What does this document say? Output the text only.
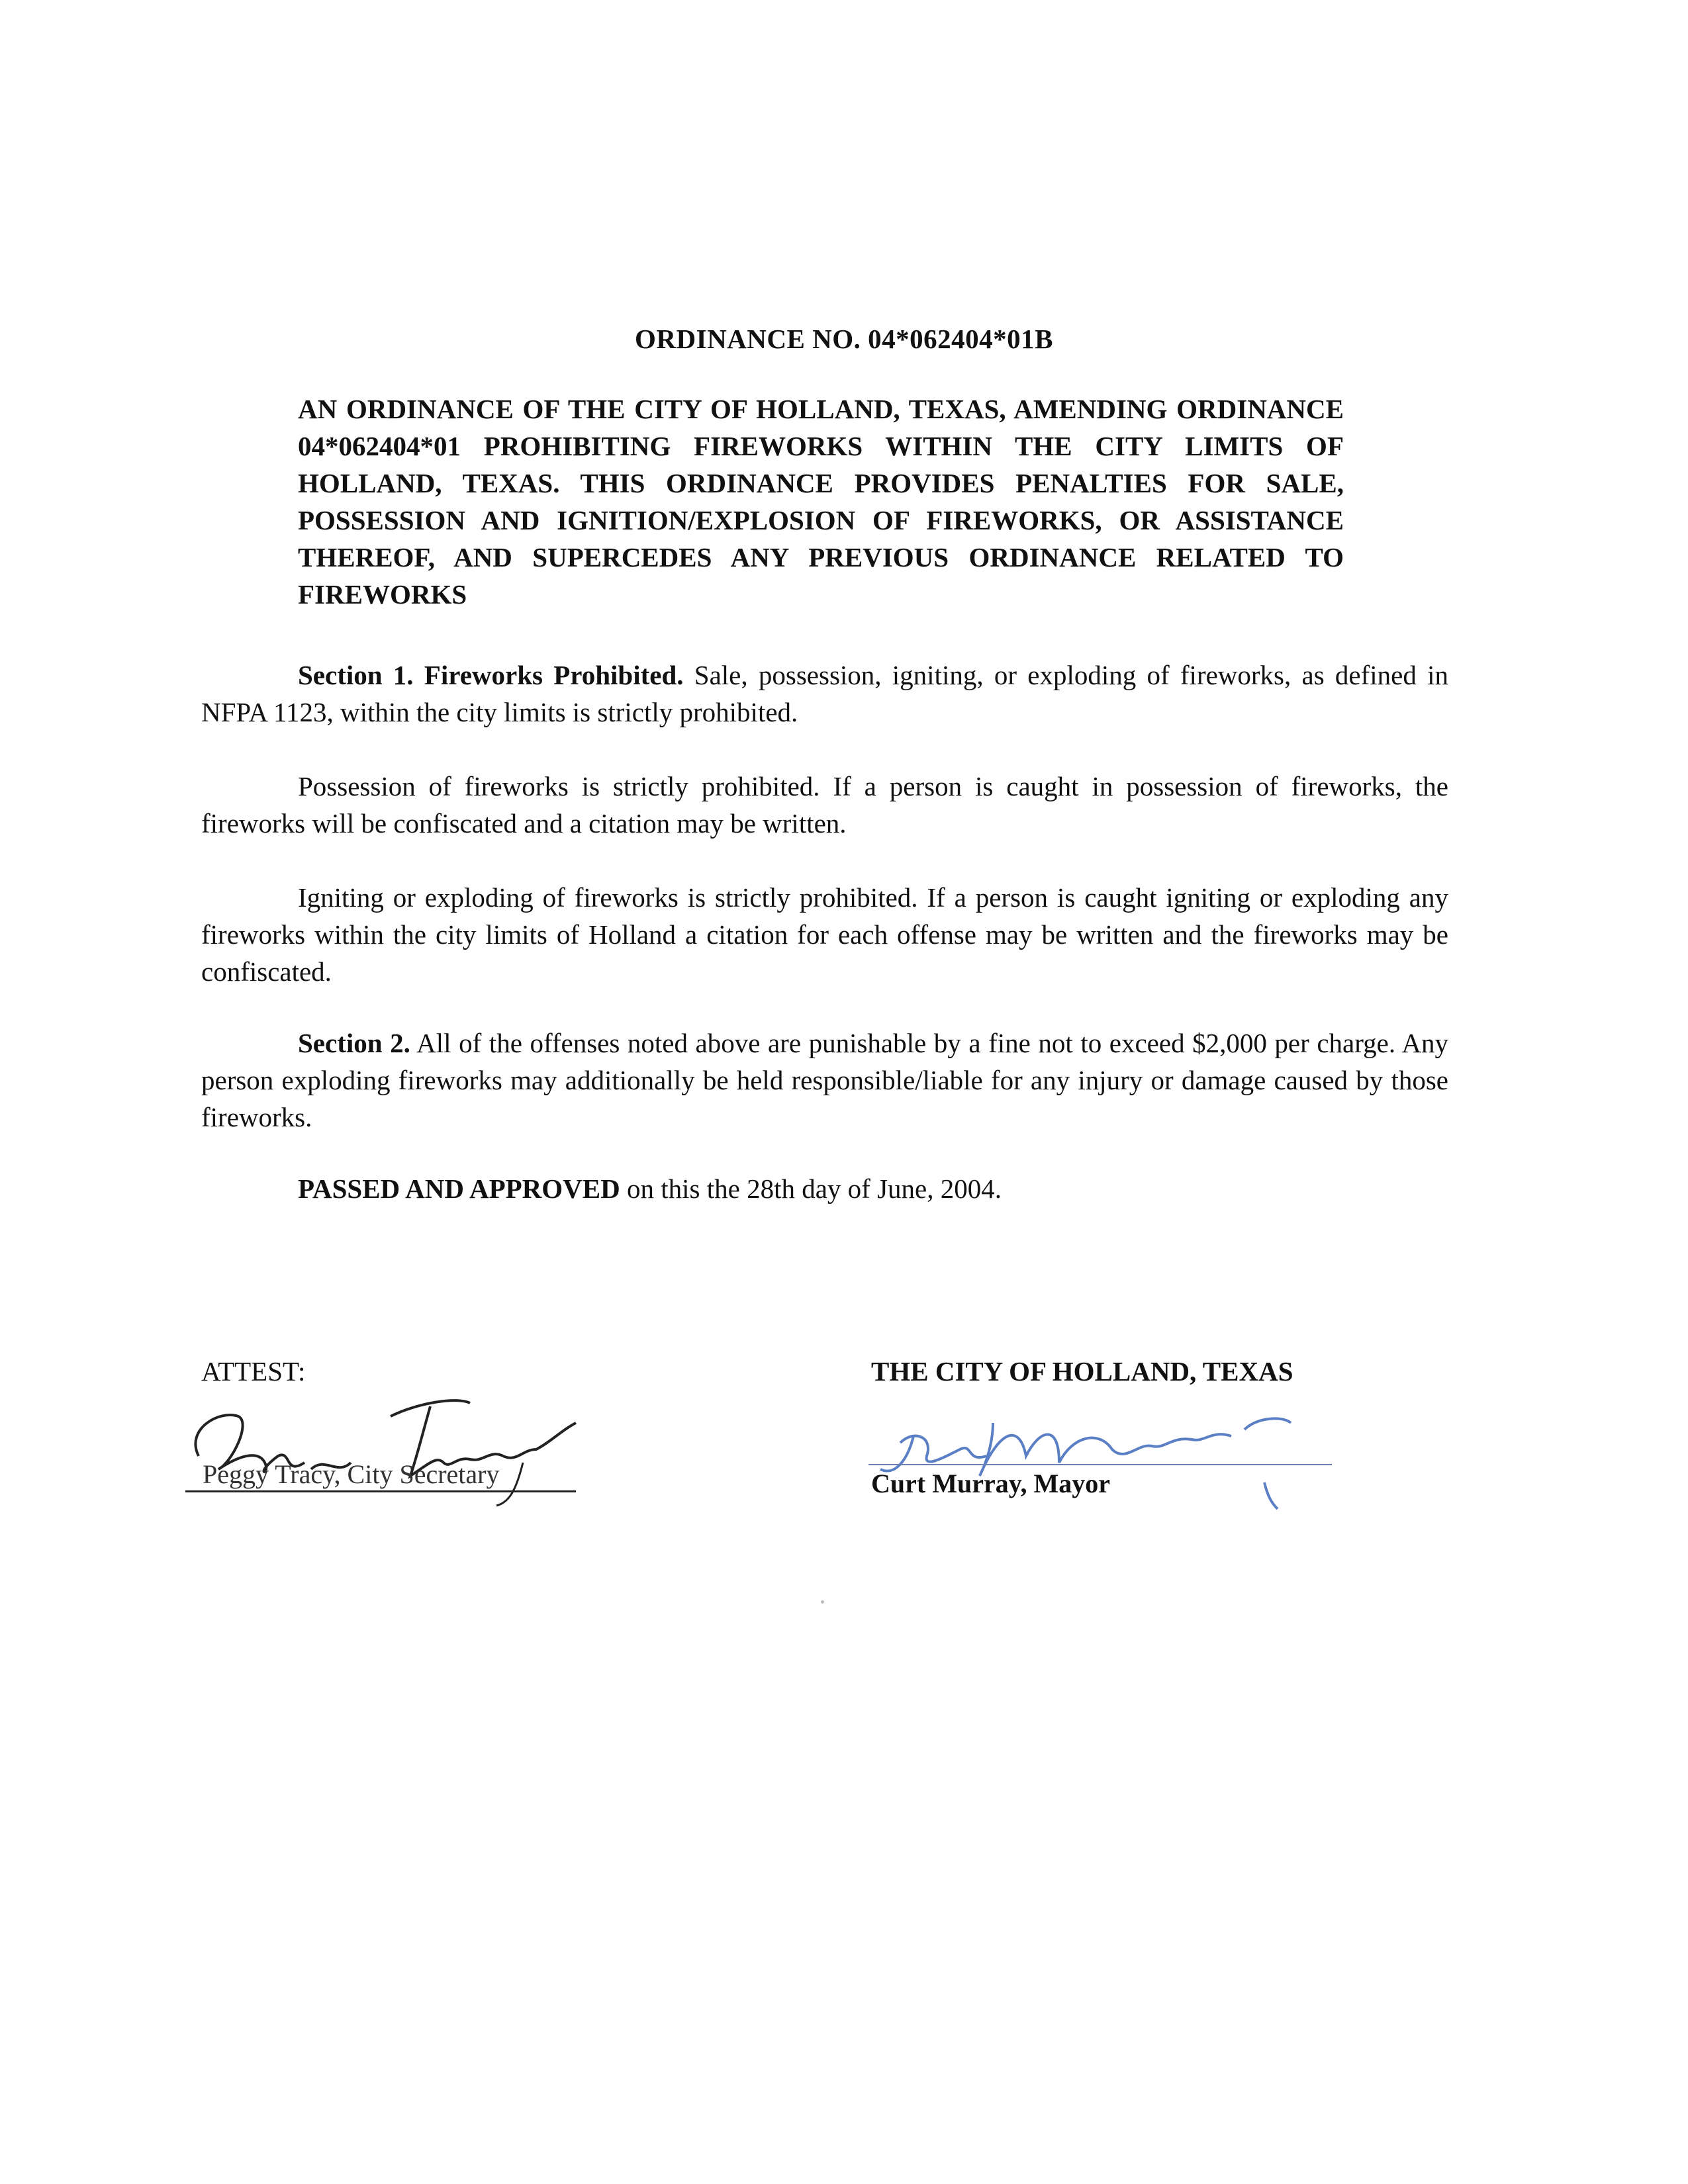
ORDINANCE NO. 04*062404*01B
AN ORDINANCE OF THE CITY OF HOLLAND, TEXAS, AMENDING ORDINANCE 04*062404*01 PROHIBITING FIREWORKS WITHIN THE CITY LIMITS OF HOLLAND, TEXAS. THIS ORDINANCE PROVIDES PENALTIES FOR SALE, POSSESSION AND IGNITION/EXPLOSION OF FIREWORKS, OR ASSISTANCE THEREOF, AND SUPERCEDES ANY PREVIOUS ORDINANCE RELATED TO FIREWORKS
Section 1. Fireworks Prohibited. Sale, possession, igniting, or exploding of fireworks, as defined in NFPA 1123, within the city limits is strictly prohibited.
Possession of fireworks is strictly prohibited. If a person is caught in possession of fireworks, the fireworks will be confiscated and a citation may be written.
Igniting or exploding of fireworks is strictly prohibited. If a person is caught igniting or exploding any fireworks within the city limits of Holland a citation for each offense may be written and the fireworks may be confiscated.
Section 2. All of the offenses noted above are punishable by a fine not to exceed $2,000 per charge. Any person exploding fireworks may additionally be held responsible/liable for any injury or damage caused by those fireworks.
PASSED AND APPROVED on this the 28th day of June, 2004.
ATTEST:	THE CITY OF HOLLAND, TEXAS
Peggy Tracy, City Secretary	Curt Murray, Mayor
